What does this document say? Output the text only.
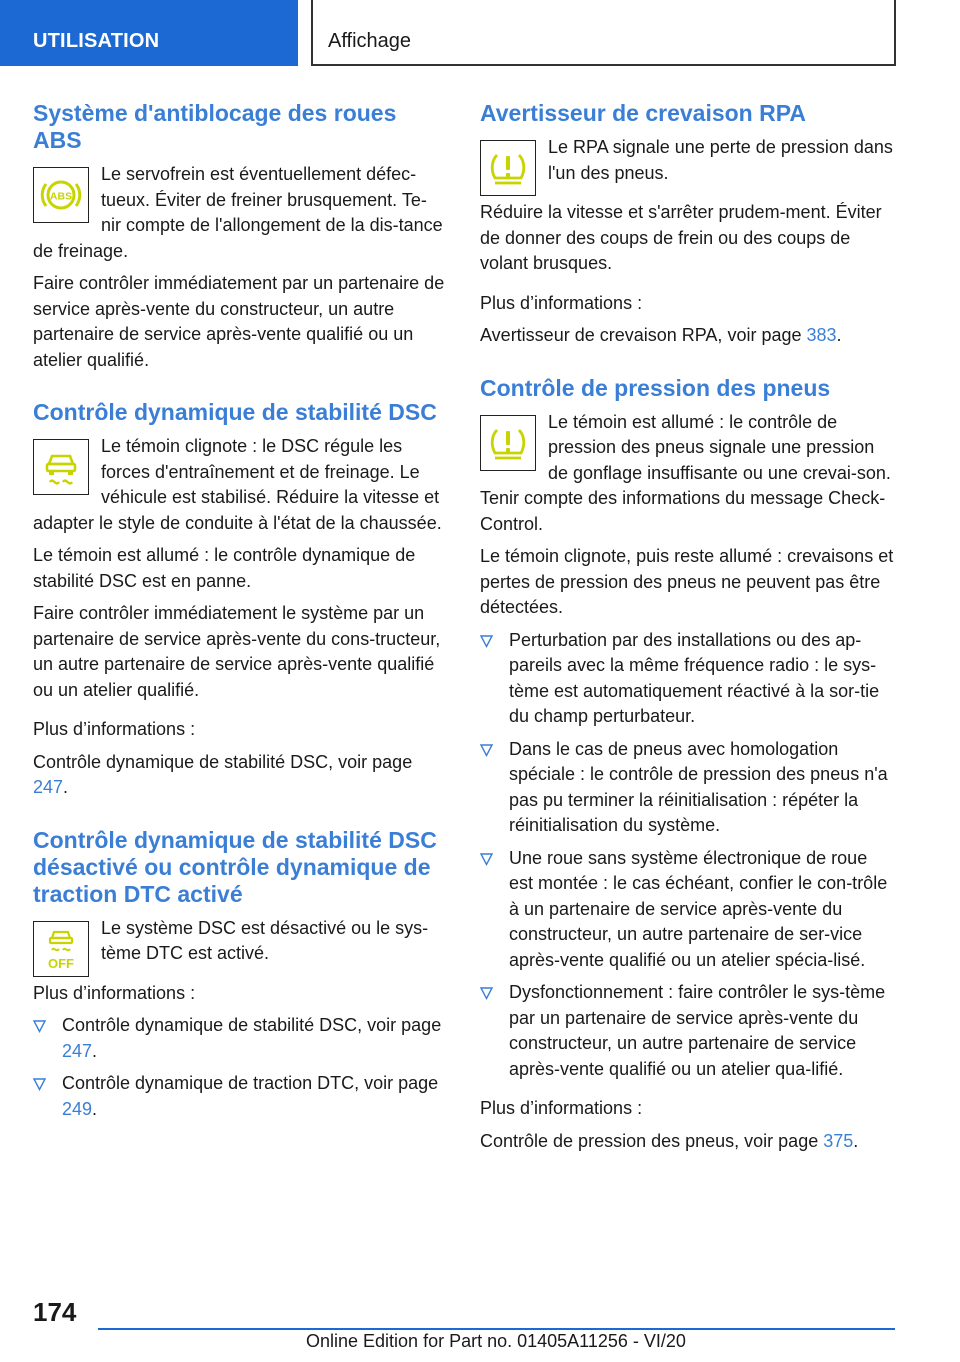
UTILISATION	Affichage
Système d'antiblocage des roues ABS
ABS

Le servofrein est éventuellement défec-tueux. Éviter de freiner brusquement. Te-nir compte de l'allongement de la dis-tance de freinage.

Faire contrôler immédiatement par un partenaire de service après-vente du constructeur, un autre partenaire de service après-vente qualifié ou un atelier qualifié.

Contrôle dynamique de stabilité DSC

Le témoin clignote : le DSC régule les forces d'entraînement et de freinage. Le véhicule est stabilisé. Réduire la vitesse et adapter le style de conduite à l'état de la chaussée.

Le témoin est allumé : le contrôle dynamique de stabilité DSC est en panne.

Faire contrôler immédiatement le système par un partenaire de service après-vente du cons-tructeur, un autre partenaire de service après-vente qualifié ou un atelier qualifié.

Plus d’informations :

Contrôle dynamique de stabilité DSC, voir page 247.

Contrôle dynamique de stabilité DSC désactivé ou contrôle dynamique de traction DTC activé
OFF

Le système DSC est désactivé ou le sys-tème DTC est activé.

Plus d’informations :

Contrôle dynamique de stabilité DSC, voir page 247.
Contrôle dynamique de traction DTC, voir page 249.
Avertisseur de crevaison RPA

Le RPA signale une perte de pression dans l'un des pneus.

Réduire la vitesse et s'arrêter prudem-ment. Éviter de donner des coups de frein ou des coups de volant brusques.

Plus d’informations :

Avertisseur de crevaison RPA, voir page 383.

Contrôle de pression des pneus

Le témoin est allumé : le contrôle de pression des pneus signale une pression de gonflage insuffisante ou une crevai-son. Tenir compte des informations du message Check-Control.

Le témoin clignote, puis reste allumé : crevaisons et pertes de pression des pneus ne peuvent pas être détectées.

Perturbation par des installations ou des ap-pareils avec la même fréquence radio : le sys-tème est automatiquement réactivé à la sor-tie du champ perturbateur.
Dans le cas de pneus avec homologation spéciale : le contrôle de pression des pneus n'a pas pu terminer la réinitialisation : répéter la réinitialisation du système.
Une roue sans système électronique de roue est montée : le cas échéant, confier le con-trôle à un partenaire de service après-vente du constructeur, un autre partenaire de ser-vice après-vente qualifié ou un atelier spécia-lisé.
Dysfonctionnement : faire contrôler le sys-tème par un partenaire de service après-vente du constructeur, un autre partenaire de service après-vente qualifié ou un atelier qua-lifié.

Plus d’informations :

Contrôle de pression des pneus, voir page 375.

174
Online Edition for Part no. 01405A11256 - VI/20
